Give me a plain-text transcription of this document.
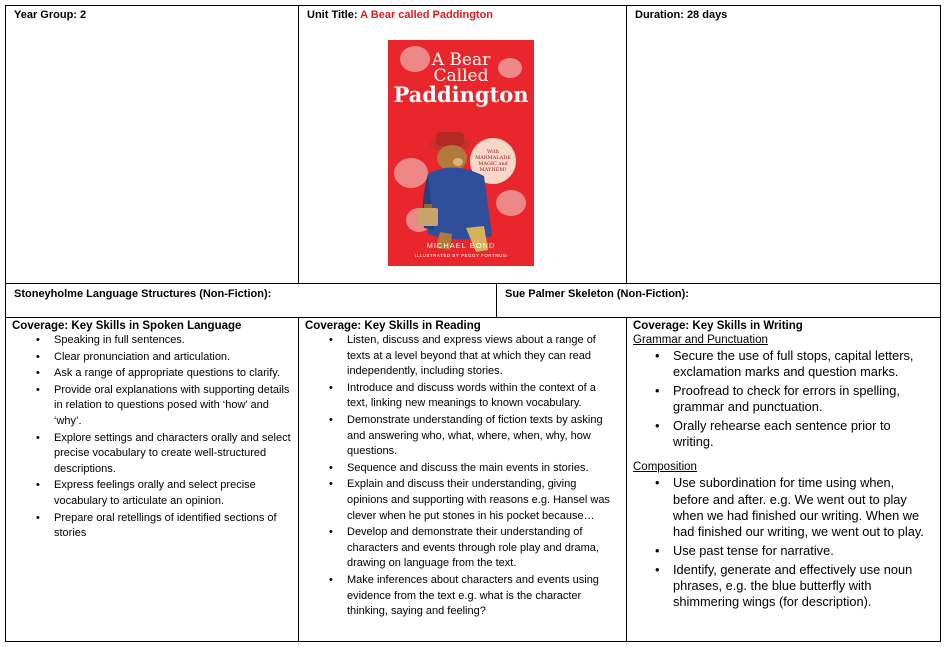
Year Group: 2	Unit Title: A Bear called Paddington	Duration: 28 days
A Bear
Called
Paddington
With MARMALADE MAGIC and MAYHEM!
MICHAEL BOND
ILLUSTRATED BY PEGGY FORTNUM
Stoneyholme Language Structures (Non-Fiction):	Sue Palmer Skeleton (Non-Fiction):
Coverage: Key Skills in Spoken Language
• Speaking in full sentences.
• Clear pronunciation and articulation.
• Ask a range of appropriate questions to clarify.
• Provide oral explanations with supporting details in relation to questions posed with ‘how’ and ‘why’.
• Explore settings and characters orally and select precise vocabulary to create well-structured descriptions.
• Express feelings orally and select precise vocabulary to articulate an opinion.
• Prepare oral retellings of identified sections of stories
Coverage: Key Skills in Reading
• Listen, discuss and express views about a range of texts at a level beyond that at which they can read independently, including stories.
• Introduce and discuss words within the context of a text, linking new meanings to known vocabulary.
• Demonstrate understanding of fiction texts by asking and answering who, what, where, when, why, how questions.
• Sequence and discuss the main events in stories.
• Explain and discuss their understanding, giving opinions and supporting with reasons e.g. Hansel was clever when he put stones in his pocket because…
• Develop and demonstrate their understanding of characters and events through role play and drama, drawing on language from the text.
• Make inferences about characters and events using evidence from the text e.g. what is the character thinking, saying and feeling?
Coverage: Key Skills in Writing
Grammar and Punctuation
• Secure the use of full stops, capital letters, exclamation marks and question marks.
• Proofread to check for errors in spelling, grammar and punctuation.
• Orally rehearse each sentence prior to writing.
Composition
• Use subordination for time using when, before and after. e.g. We went out to play when we had finished our writing. When we had finished our writing, we went out to play.
• Use past tense for narrative.
• Identify, generate and effectively use noun phrases, e.g. the blue butterfly with shimmering wings (for description).
